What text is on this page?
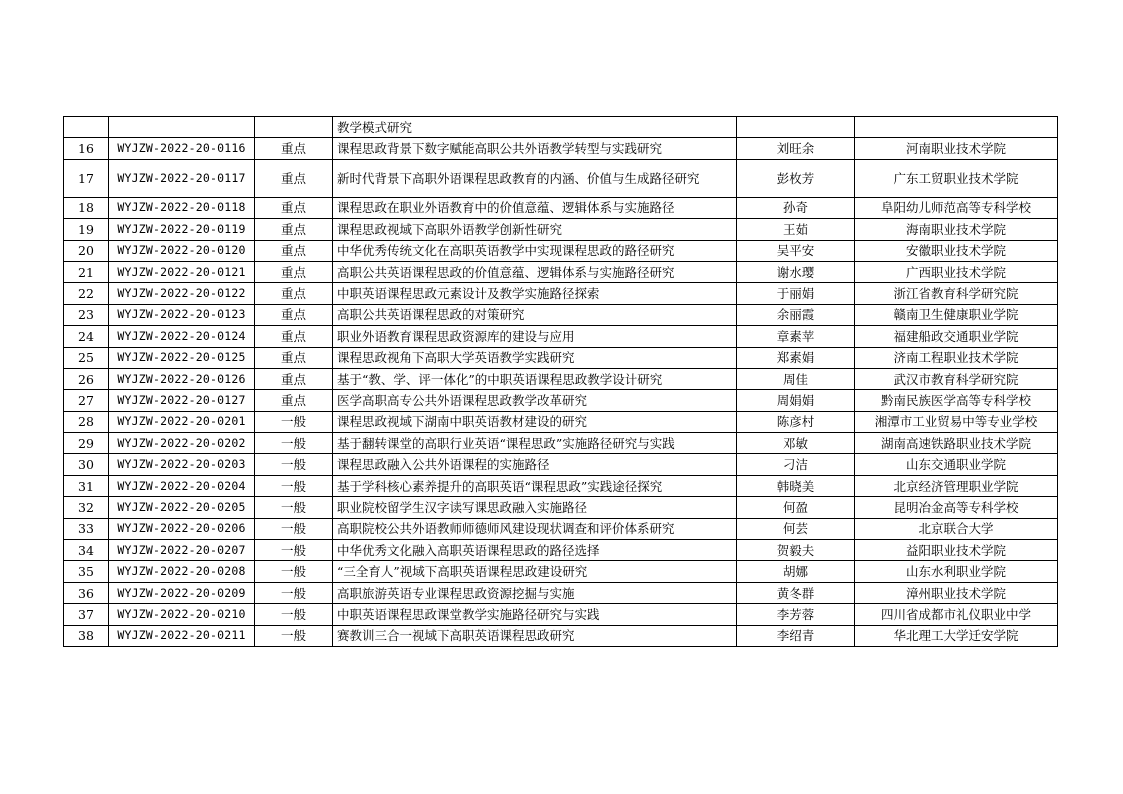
			教学模式研究		
16	WYJZW-2022-20-0116	重点	课程思政背景下数字赋能高职公共外语教学转型与实践研究	刘旺余	河南职业技术学院
17	WYJZW-2022-20-0117	重点	新时代背景下高职外语课程思政教育的内涵、价值与生成路径研究	彭枚芳	广东工贸职业技术学院
18	WYJZW-2022-20-0118	重点	课程思政在职业外语教育中的价值意蕴、逻辑体系与实施路径	孙奇	阜阳幼儿师范高等专科学校
19	WYJZW-2022-20-0119	重点	课程思政视域下高职外语教学创新性研究	王茹	海南职业技术学院
20	WYJZW-2022-20-0120	重点	中华优秀传统文化在高职英语教学中实现课程思政的路径研究	吴平安	安徽职业技术学院
21	WYJZW-2022-20-0121	重点	高职公共英语课程思政的价值意蕴、逻辑体系与实施路径研究	谢水璎	广西职业技术学院
22	WYJZW-2022-20-0122	重点	中职英语课程思政元素设计及教学实施路径探索	于丽娟	浙江省教育科学研究院
23	WYJZW-2022-20-0123	重点	高职公共英语课程思政的对策研究	余丽霞	赣南卫生健康职业学院
24	WYJZW-2022-20-0124	重点	职业外语教育课程思政资源库的建设与应用	章素苹	福建船政交通职业学院
25	WYJZW-2022-20-0125	重点	课程思政视角下高职大学英语教学实践研究	郑素娟	济南工程职业技术学院
26	WYJZW-2022-20-0126	重点	基于“教、学、评一体化”的中职英语课程思政教学设计研究	周佳	武汉市教育科学研究院
27	WYJZW-2022-20-0127	重点	医学高职高专公共外语课程思政教学改革研究	周娟娟	黔南民族医学高等专科学校
28	WYJZW-2022-20-0201	一般	课程思政视域下湖南中职英语教材建设的研究	陈彦村	湘潭市工业贸易中等专业学校
29	WYJZW-2022-20-0202	一般	基于翻转课堂的高职行业英语“课程思政”实施路径研究与实践	邓敏	湖南高速铁路职业技术学院
30	WYJZW-2022-20-0203	一般	课程思政融入公共外语课程的实施路径	刁洁	山东交通职业学院
31	WYJZW-2022-20-0204	一般	基于学科核心素养提升的高职英语“课程思政”实践途径探究	韩晓美	北京经济管理职业学院
32	WYJZW-2022-20-0205	一般	职业院校留学生汉字读写课思政融入实施路径	何盈	昆明冶金高等专科学校
33	WYJZW-2022-20-0206	一般	高职院校公共外语教师师德师风建设现状调查和评价体系研究	何芸	北京联合大学
34	WYJZW-2022-20-0207	一般	中华优秀文化融入高职英语课程思政的路径选择	贺毅夫	益阳职业技术学院
35	WYJZW-2022-20-0208	一般	“三全育人”视域下高职英语课程思政建设研究	胡娜	山东水利职业学院
36	WYJZW-2022-20-0209	一般	高职旅游英语专业课程思政资源挖掘与实施	黄冬群	漳州职业技术学院
37	WYJZW-2022-20-0210	一般	中职英语课程思政课堂教学实施路径研究与实践	李芳蓉	四川省成都市礼仪职业中学
38	WYJZW-2022-20-0211	一般	赛教训三合一视域下高职英语课程思政研究	李绍青	华北理工大学迁安学院
